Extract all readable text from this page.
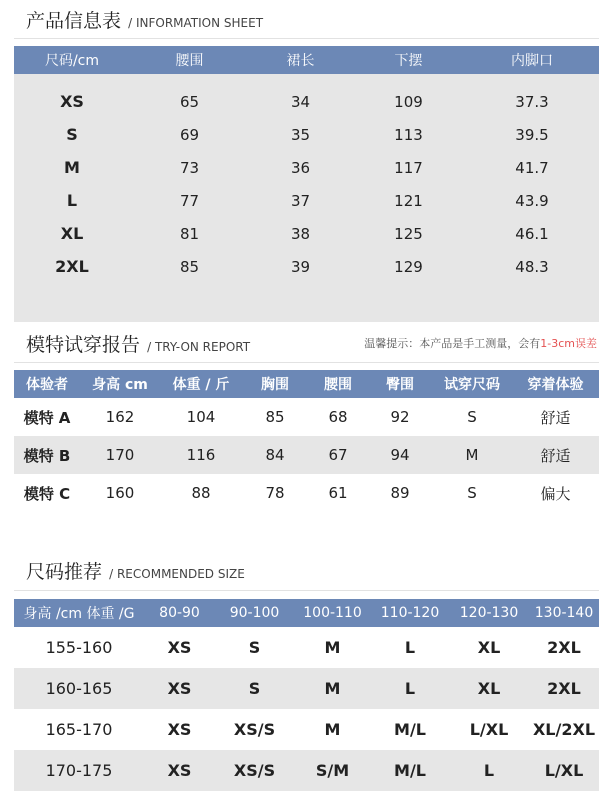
产品信息表 / INFORMATION SHEET
尺码/cm	腰围	裙长	下摆	内脚口
XS	65	34	109	37.3
S	69	35	113	39.5
M	73	36	117	41.7
L	77	37	121	43.9
XL	81	38	125	46.1
2XL	85	39	129	48.3
模特试穿报告 / TRY-ON REPORT	温馨提示：本产品是手工测量，会有1-3cm误差
体验者	身高 cm	体重 / 斤	胸围	腰围	臀围	试穿尺码	穿着体验
模特 A	162	104	85	68	92	S	舒适
模特 B	170	116	84	67	94	M	舒适
模特 C	160	88	78	61	89	S	偏大
尺码推荐 / RECOMMENDED SIZE
身高 /cm 体重 /G	80-90	90-100	100-110	110-120	120-130	130-140
155-160	XS	S	M	L	XL	2XL
160-165	XS	S	M	L	XL	2XL
165-170	XS	XS/S	M	M/L	L/XL	XL/2XL
170-175	XS	XS/S	S/M	M/L	L	L/XL
